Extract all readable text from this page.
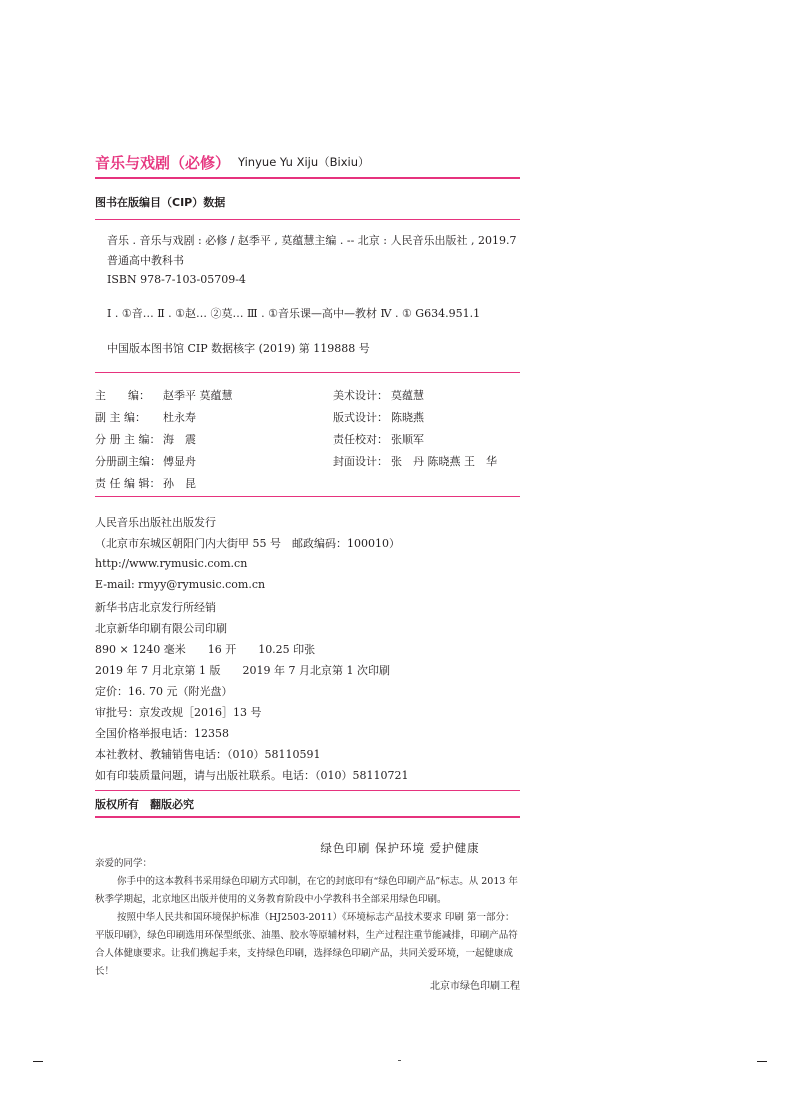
音乐与戏剧（必修） Yinyue Yu Xiju（Bixiu）
图书在版编目（CIP）数据
音乐 . 音乐与戏剧 : 必修 / 赵季平 , 莫蕴慧主编 . -- 北京 : 人民音乐出版社 , 2019.7
普通高中教科书
ISBN 978-7-103-05709-4
Ⅰ . ①音… Ⅱ . ①赵… ②莫… Ⅲ . ①音乐课—高中—教材 Ⅳ . ① G634.951.1
中国版本图书馆 CIP 数据核字 (2019) 第 119888 号
主　　编： 赵季平 莫蕴慧
副 主 编： 杜永寿
分 册 主 编： 海　震
分册副主编： 傅显舟
责 任 编 辑： 孙　昆
美术设计： 莫蕴慧
版式设计： 陈晓燕
责任校对： 张顺军
封面设计： 张　丹 陈晓燕 王　华
人民音乐出版社出版发行
（北京市东城区朝阳门内大街甲 55 号　邮政编码：100010）
http://www.rymusic.com.cn
E-mail: rmyy@rymusic.com.cn
新华书店北京发行所经销
北京新华印刷有限公司印刷
890 × 1240 毫米　　16 开　　10.25 印张
2019 年 7 月北京第 1 版　　2019 年 7 月北京第 1 次印刷
定价：16. 70 元（附光盘）
审批号：京发改规［2016］13 号
全国价格举报电话：12358
本社教材、教辅销售电话：（010）58110591
如有印装质量问题，请与出版社联系。电话：（010）58110721
版权所有　翻版必究
绿色印刷 保护环境 爱护健康

亲爱的同学：

你手中的这本教科书采用绿色印刷方式印制，在它的封底印有“绿色印刷产品”标志。从 2013 年秋季学期起，北京地区出版并使用的义务教育阶段中小学教科书全部采用绿色印刷。

按照中华人民共和国环境保护标准（HJ2503-2011）《环境标志产品技术要求 印刷 第一部分：平版印刷》，绿色印刷选用环保型纸张、油墨、胶水等原辅材料，生产过程注重节能减排，印刷产品符合人体健康要求。让我们携起手来，支持绿色印刷，选择绿色印刷产品，共同关爱环境，一起健康成长！

北京市绿色印刷工程
